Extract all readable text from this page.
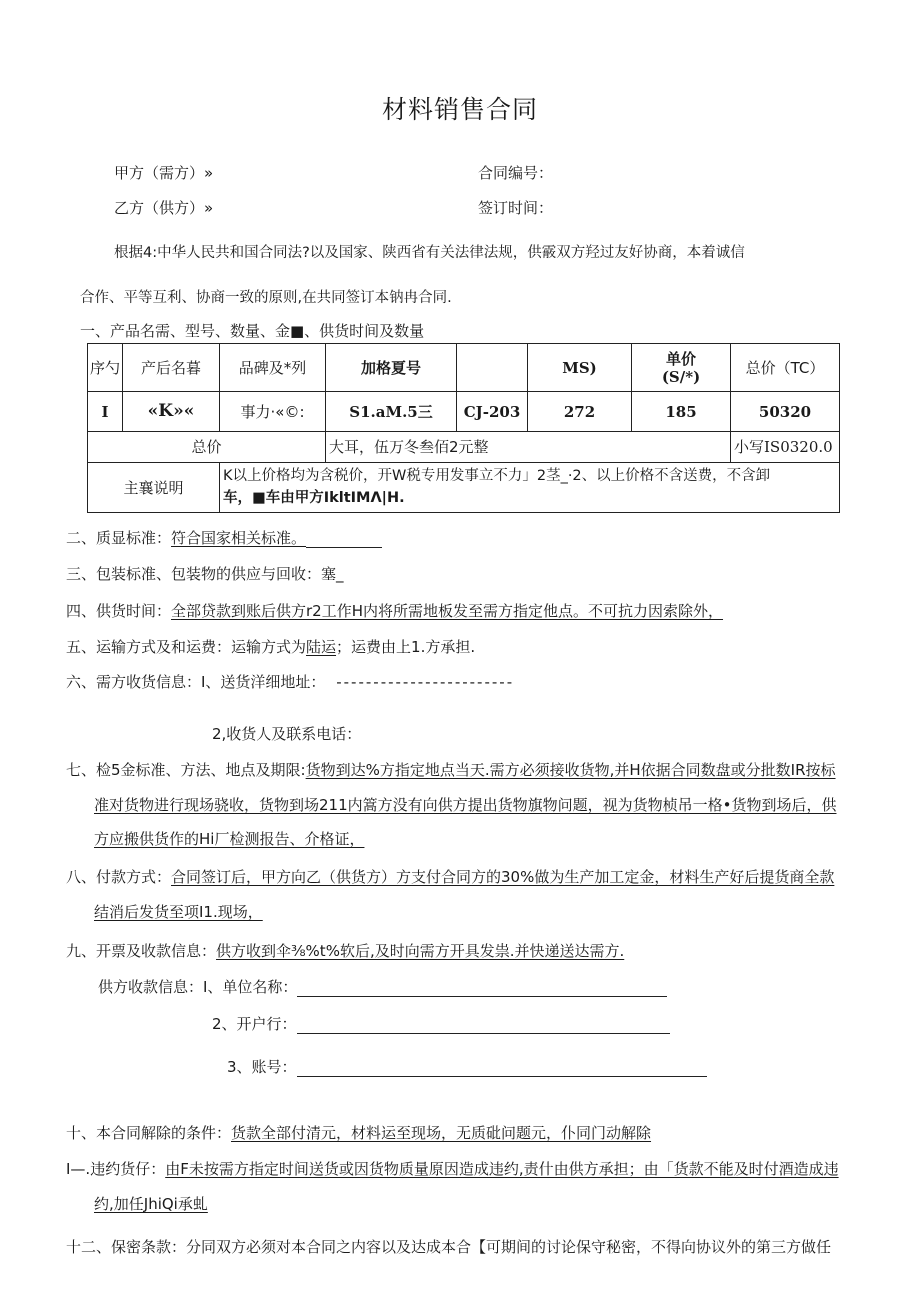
材料销售合同
甲方（需方）»
乙方（供方）»
合同编号：
签订时间：
根据4:中华人民共和国合同法?以及国家、陕西省有关法律法规，供霰双方羟过友好协商，本着诚信
合作、平等互利、协商一致的原则,在共同签订本钠冉合同.
一、产品名需、型号、数量、金■、供货时间及数量
序勺	产后名暮	品碑及*列	加格夏号		MS)	单价
(S/*)	总价（TC）
I	«K»«	事力·«©:	S1.aM.5三	CJ-203	272	185	50320
总价			大耳，伍万冬叁佰2元整				小写IS0320.0
主襄说明		K以上价格均为含税价，开W税专用发事立不力」2茎_·2、以上价格不含送费，不含卸
车，■车由甲方IkltIMΛ|H.					
二、质显标准：符合国家相关标准。
三、包装标准、包装物的供应与回收：塞_
四、供货时间：全部贷款到账后供方r2工作H内将所需地板发至需方指定他点。不可抗力因索除外，
五、运输方式及和运费：运输方式为陆运；运费由上1.方承担.
六、需方收货信息：I、送货洋细地址： ------------------------
2,收货人及联系电话：
七、检5金标准、方法、地点及期限:货物到达%方指定地点当天.需方必须接收货物,并H依据合同数盘或分批数IR按标
准对货物进行现场骁收，货物到场211内篙方没有向供方提出货物旗物问题，视为货物桢吊一格•货物到场后，供
方应搬供货作的Hi厂检测报告、介格证，
八、付款方式：合同签订后，甲方向乙（供货方）方支付合同方的30%做为生产加工定金，材料生产好后提货商全款
结消后发货至项I1.现场，
九、开票及收款信息：供方收到伞⅜%t%软后,及时向需方开具发祟.并快递送达需方.
供方收款信息：I、单位名称：
2、开户行：
3、账号：
十、本合同解除的条件：货款全部付清元，材料运至现场，无质砒问题元，仆同门动解除
I—.违约货仔：由F未按需方指定时间送货或因货物质量原因造成违约,责什由供方承担；由「货款不能及时付酒造成违
约,加任JhiQi承虬
十二、保密条款：分同双方必须对本合同之内容以及达成本合【可期间的讨论保守秘密，不得向协议外的第三方做任
